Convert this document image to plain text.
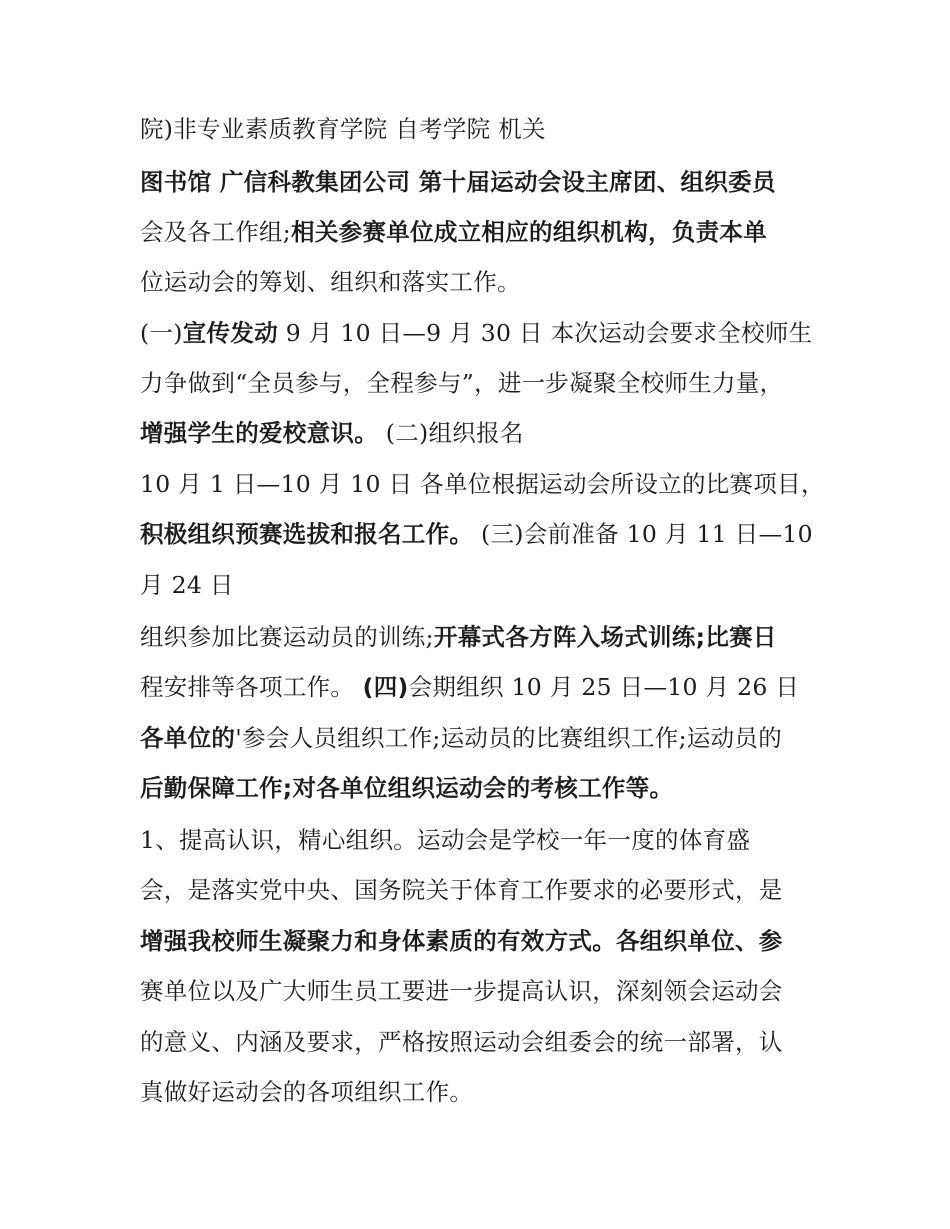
院)非专业素质教育学院 自考学院 机关
图书馆 广信科教集团公司 第十届运动会设主席团、组织委员
会及各工作组;相关参赛单位成立相应的组织机构，负责本单
位运动会的筹划、组织和落实工作。
(一)宣传发动 9 月 10 日—9 月 30 日 本次运动会要求全校师生
力争做到“全员参与，全程参与”，进一步凝聚全校师生力量，
增强学生的爱校意识。 (二)组织报名
10 月 1 日—10 月 10 日 各单位根据运动会所设立的比赛项目，
积极组织预赛选拔和报名工作。 (三)会前准备 10 月 11 日—10
月 24 日
组织参加比赛运动员的训练;开幕式各方阵入场式训练;比赛日
程安排等各项工作。 (四)会期组织 10 月 25 日—10 月 26 日
各单位的'参会人员组织工作;运动员的比赛组织工作;运动员的
后勤保障工作;对各单位组织运动会的考核工作等。
1、提高认识，精心组织。运动会是学校一年一度的体育盛
会，是落实党中央、国务院关于体育工作要求的必要形式，是
增强我校师生凝聚力和身体素质的有效方式。各组织单位、参
赛单位以及广大师生员工要进一步提高认识，深刻领会运动会
的意义、内涵及要求，严格按照运动会组委会的统一部署，认
真做好运动会的各项组织工作。
